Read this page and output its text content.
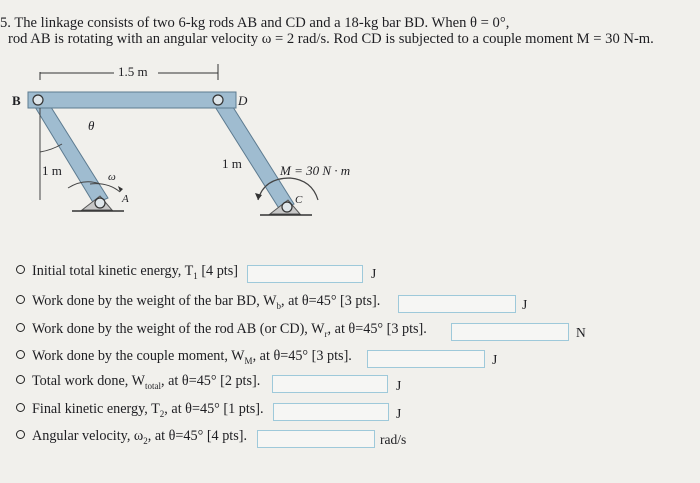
5. The linkage consists of two 6-kg rods AB and CD and a 18-kg bar BD. When θ = 0°,
rod AB is rotating with an angular velocity ω = 2 rad/s. Rod CD is subjected to a couple moment M = 30 N-m.
1.5 m
B	D
θ
ω
1 m	1 m	M = 30 N · m
A	C
Initial total kinetic energy, $T_1$ [4 pts]	J
Work done by the weight of the bar BD, $W_b$, at θ=45° [3 pts].	J
Work done by the weight of the rod AB (or CD), $W_r$, at θ=45° [3 pts].	N
Work done by the couple moment, $W_M$, at θ=45° [3 pts].	J
Total work done, $W_{total}$, at θ=45° [2 pts].	J
Final kinetic energy, $T_2$, at θ=45° [1 pts].	J
Angular velocity, $\omega_2$, at θ=45° [4 pts].	rad/s
